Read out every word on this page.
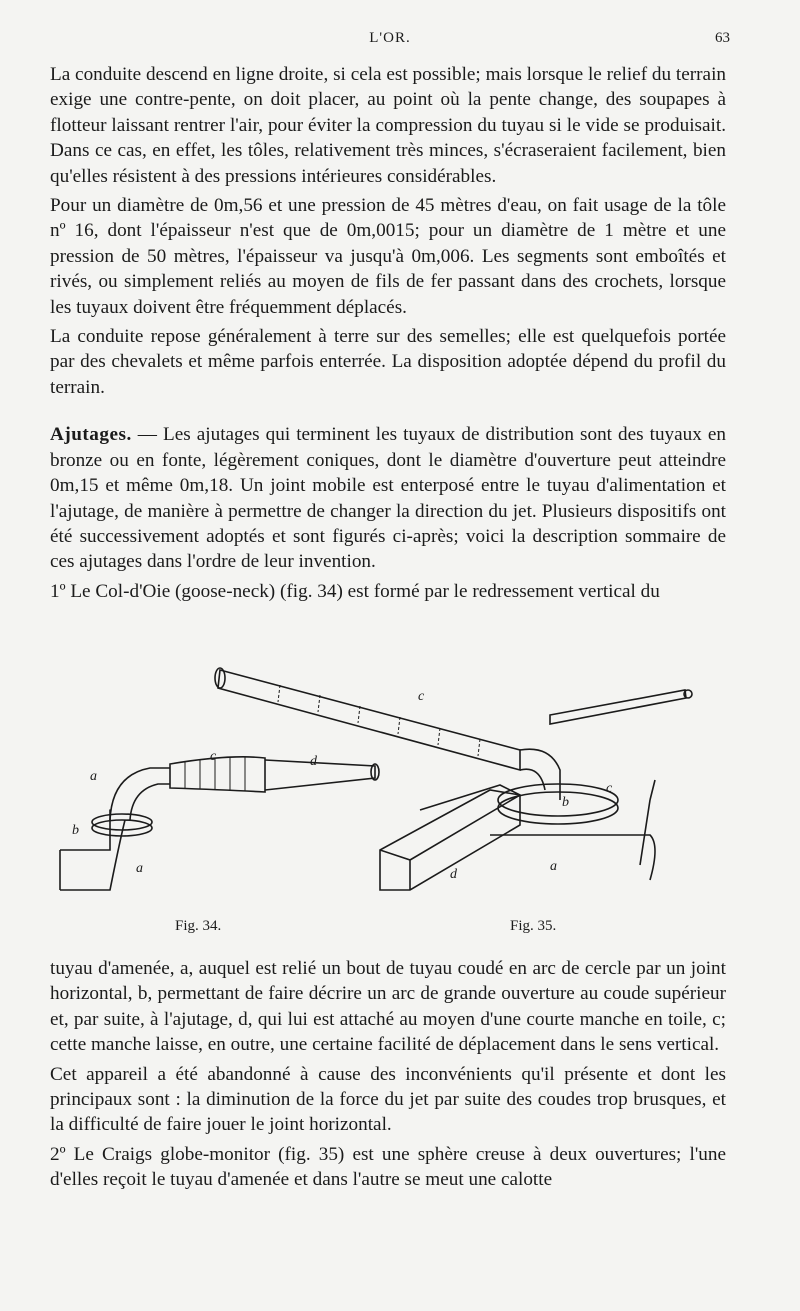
L'OR.	63

La conduite descend en ligne droite, si cela est possible; mais lorsque le relief du terrain exige une contre-pente, on doit placer, au point où la pente change, des soupapes à flotteur laissant rentrer l'air, pour éviter la compression du tuyau si le vide se produisait. Dans ce cas, en effet, les tôles, relativement très minces, s'écraseraient facilement, bien qu'elles résistent à des pressions intérieures considérables.

Pour un diamètre de 0m,56 et une pression de 45 mètres d'eau, on fait usage de la tôle nº 16, dont l'épaisseur n'est que de 0m,0015; pour un diamètre de 1 mètre et une pression de 50 mètres, l'épaisseur va jusqu'à 0m,006. Les segments sont emboîtés et rivés, ou simplement reliés au moyen de fils de fer passant dans des crochets, lorsque les tuyaux doivent être fréquemment déplacés.

La conduite repose généralement à terre sur des semelles; elle est quelquefois portée par des chevalets et même parfois enterrée. La disposition adoptée dépend du profil du terrain.

Ajutages. — Les ajutages qui terminent les tuyaux de distribution sont des tuyaux en bronze ou en fonte, légèrement coniques, dont le diamètre d'ouverture peut atteindre 0m,15 et même 0m,18. Un joint mobile est enterposé entre le tuyau d'alimentation et l'ajutage, de manière à permettre de changer la direction du jet. Plusieurs dispositifs ont été successivement adoptés et sont figurés ci-après; voici la description sommaire de ces ajutages dans l'ordre de leur invention.

1º Le Col-d'Oie (goose-neck) (fig. 34) est formé par le redressement vertical du

a
b
c	d
a
c
b
c
a
d
Fig. 34.	Fig. 35.

tuyau d'amenée, a, auquel est relié un bout de tuyau coudé en arc de cercle par un joint horizontal, b, permettant de faire décrire un arc de grande ouverture au coude supérieur et, par suite, à l'ajutage, d, qui lui est attaché au moyen d'une courte manche en toile, c; cette manche laisse, en outre, une certaine facilité de déplacement dans le sens vertical.

Cet appareil a été abandonné à cause des inconvénients qu'il présente et dont les principaux sont : la diminution de la force du jet par suite des coudes trop brusques, et la difficulté de faire jouer le joint horizontal.

2º Le Craigs globe-monitor (fig. 35) est une sphère creuse à deux ouvertures; l'une d'elles reçoit le tuyau d'amenée et dans l'autre se meut une calotte
